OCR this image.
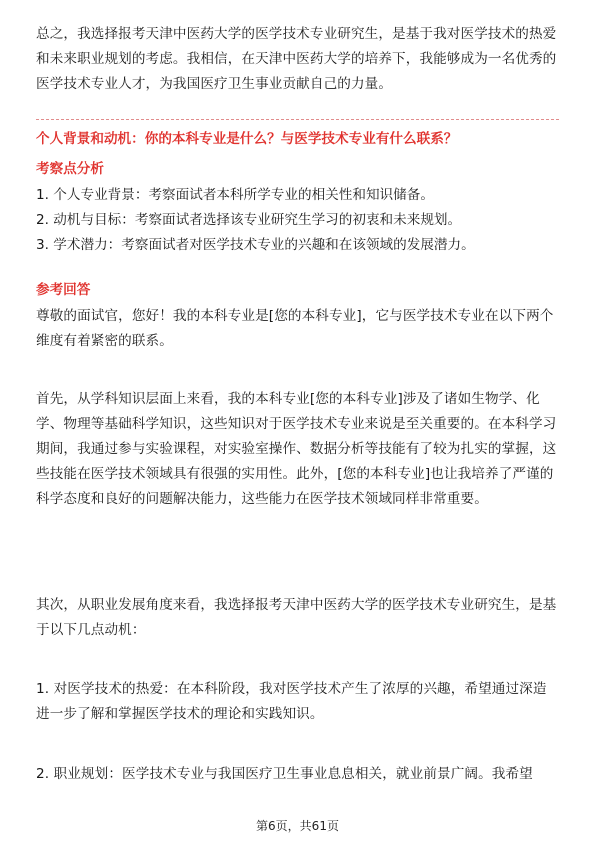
总之，我选择报考天津中医药大学的医学技术专业研究生，是基于我对医学技术的热爱和未来职业规划的考虑。我相信，在天津中医药大学的培养下，我能够成为一名优秀的医学技术专业人才，为我国医疗卫生事业贡献自己的力量。

个人背景和动机：你的本科专业是什么？与医学技术专业有什么联系？

考察点分析

1. 个人专业背景：考察面试者本科所学专业的相关性和知识储备。

2. 动机与目标：考察面试者选择该专业研究生学习的初衷和未来规划。

3. 学术潜力：考察面试者对医学技术专业的兴趣和在该领域的发展潜力。

参考回答

尊敬的面试官，您好！我的本科专业是[您的本科专业]，它与医学技术专业在以下两个维度有着紧密的联系。

首先，从学科知识层面上来看，我的本科专业[您的本科专业]涉及了诸如生物学、化学、物理等基础科学知识，这些知识对于医学技术专业来说是至关重要的。在本科学习期间，我通过参与实验课程，对实验室操作、数据分析等技能有了较为扎实的掌握，这些技能在医学技术领域具有很强的实用性。此外，[您的本科专业]也让我培养了严谨的科学态度和良好的问题解决能力，这些能力在医学技术领域同样非常重要。

其次，从职业发展角度来看，我选择报考天津中医药大学的医学技术专业研究生，是基于以下几点动机：

1. 对医学技术的热爱：在本科阶段，我对医学技术产生了浓厚的兴趣，希望通过深造进一步了解和掌握医学技术的理论和实践知识。

2. 职业规划：医学技术专业与我国医疗卫生事业息息相关，就业前景广阔。我希望

第6页，共61页
